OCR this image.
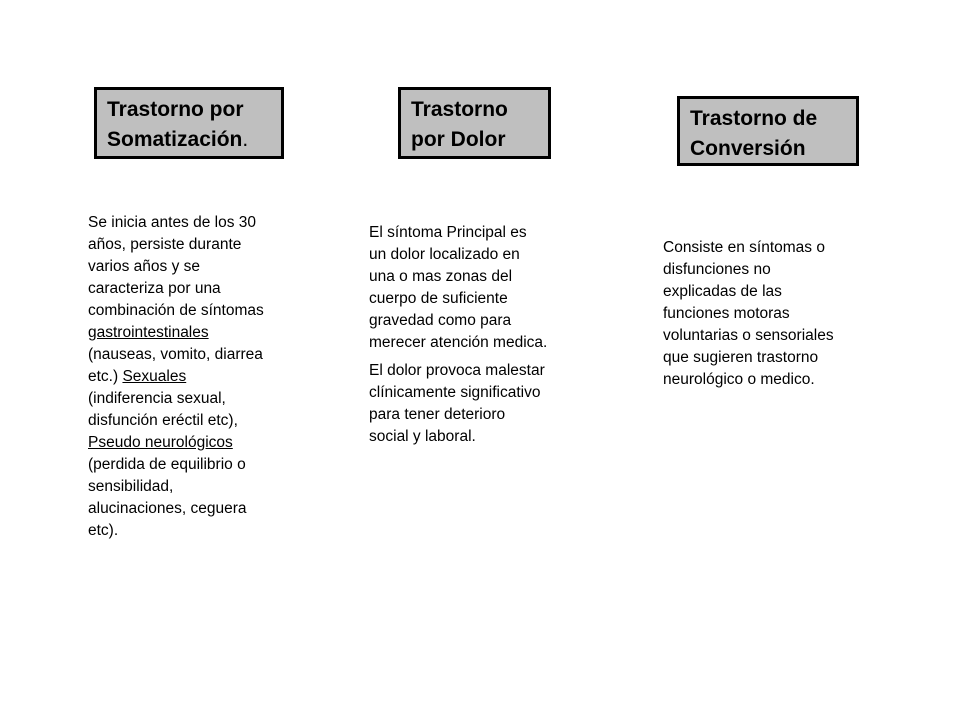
Trastorno por
Somatización.
Trastorno
por Dolor
Trastorno de
Conversión
Se inicia antes de los 30
años, persiste durante
varios años y se
caracteriza por una
combinación de síntomas
gastrointestinales
(nauseas, vomito, diarrea
etc.) Sexuales
(indiferencia sexual,
disfunción eréctil etc),
Pseudo neurológicos
(perdida de equilibrio o
sensibilidad,
alucinaciones, ceguera
etc).

El síntoma Principal es
un dolor localizado en
una o mas zonas del
cuerpo de suficiente
gravedad como para
merecer atención medica.

El dolor provoca malestar
clínicamente significativo
para tener deterioro
social y laboral.

Consiste en síntomas o
disfunciones no
explicadas de las
funciones motoras
voluntarias o sensoriales
que sugieren trastorno
neurológico o medico.
